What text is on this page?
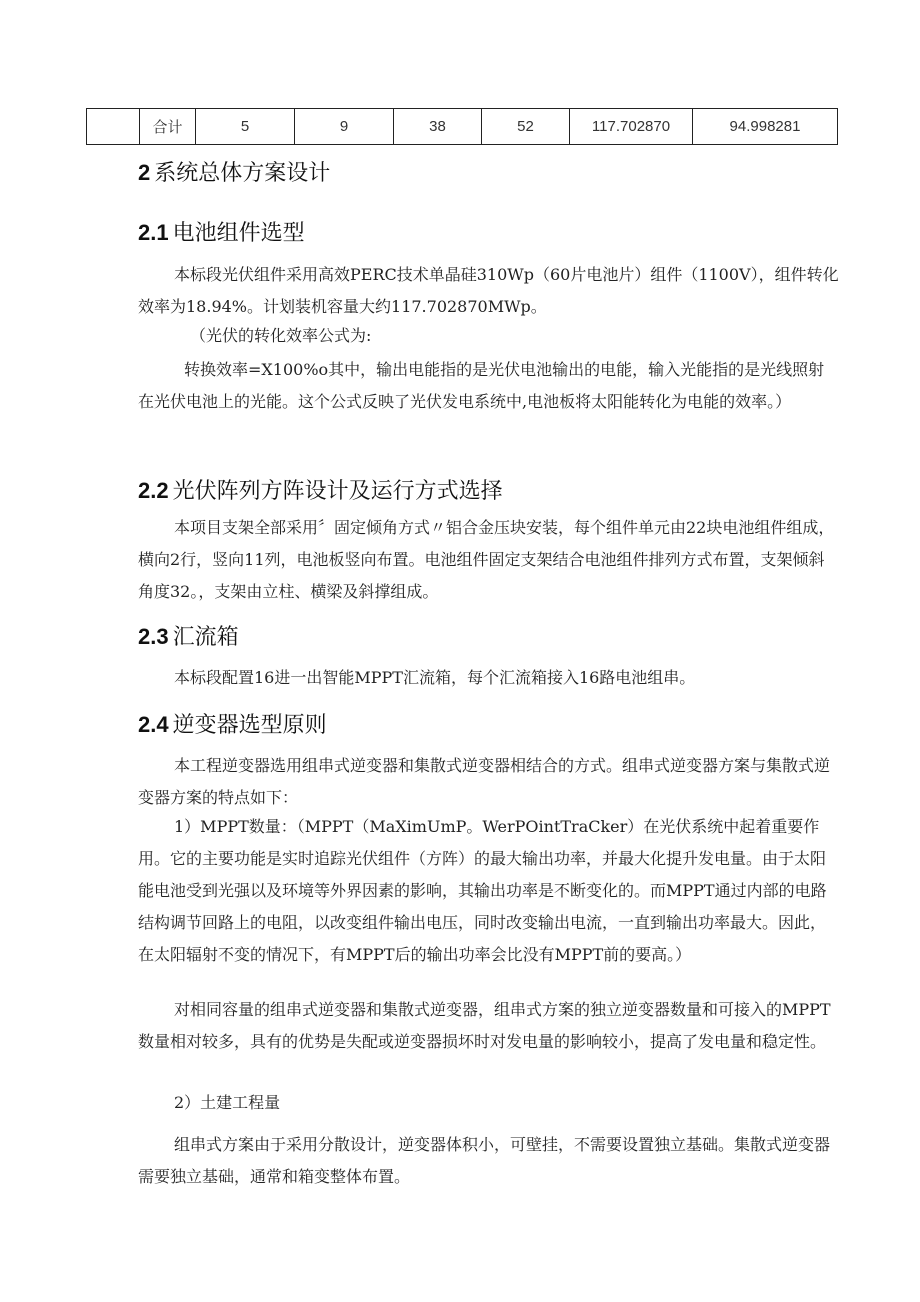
	合计	5	9	38	52	117.702870	94.998281
2 系统总体方案设计
2.1 电池组件选型

本标段光伏组件采用高效PERC技术单晶硅310Wp（60片电池片）组件（1100V），组件转化效率为18.94%。计划装机容量大约117.702870MWp。

（光伏的转化效率公式为:

转换效率=X100%o其中，输出电能指的是光伏电池输出的电能，输入光能指的是光线照射在光伏电池上的光能。这个公式反映了光伏发电系统中,电池板将太阳能转化为电能的效率。）

2.2 光伏阵列方阵设计及运行方式选择

本项目支架全部采用〞固定倾角方式〃铝合金压块安装，每个组件单元由22块电池组件组成，横向2行，竖向11列，电池板竖向布置。电池组件固定支架结合电池组件排列方式布置，支架倾斜角度32。，支架由立柱、横梁及斜撑组成。

2.3 汇流箱

本标段配置16进一出智能MPPT汇流箱，每个汇流箱接入16路电池组串。

2.4 逆变器选型原则

本工程逆变器选用组串式逆变器和集散式逆变器相结合的方式。组串式逆变器方案与集散式逆变器方案的特点如下：

1）MPPT数量：（MPPT（MaXimUmP。WerPOintTraCker）在光伏系统中起着重要作用。它的主要功能是实时追踪光伏组件（方阵）的最大输出功率，并最大化提升发电量。由于太阳能电池受到光强以及环境等外界因素的影响，其输出功率是不断变化的。而MPPT通过内部的电路结构调节回路上的电阻，以改变组件输出电压，同时改变输出电流，一直到输出功率最大。因此，在太阳辐射不变的情况下，有MPPT后的输出功率会比没有MPPT前的要高。）

对相同容量的组串式逆变器和集散式逆变器，组串式方案的独立逆变器数量和可接入的MPPT数量相对较多，具有的优势是失配或逆变器损坏时对发电量的影响较小，提高了发电量和稳定性。

2）土建工程量

组串式方案由于采用分散设计，逆变器体积小，可壁挂，不需要设置独立基础。集散式逆变器需要独立基础，通常和箱变整体布置。
